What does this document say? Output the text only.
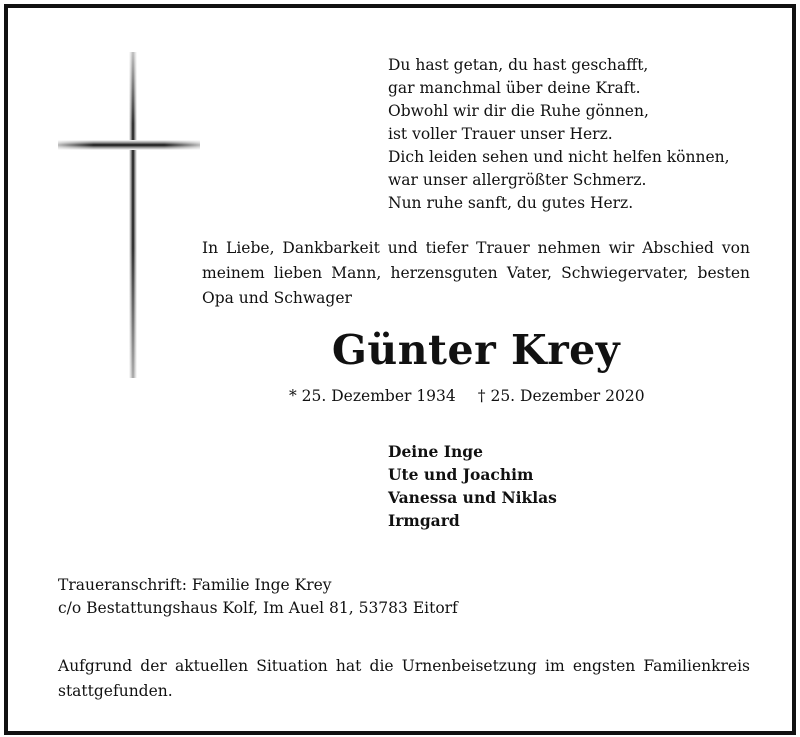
Du hast getan, du hast geschafft,
gar manchmal über deine Kraft.
Obwohl wir dir die Ruhe gönnen,
ist voller Trauer unser Herz.
Dich leiden sehen und nicht helfen können,
war unser allergrößter Schmerz.
Nun ruhe sanft, du gutes Herz.
In Liebe, Dankbarkeit und tiefer Trauer nehmen wir Abschied von meinem lieben Mann, herzensguten Vater, Schwiegervater, besten Opa und Schwager
Günter Krey
* 25. Dezember 1934 † 25. Dezember 2020
Deine Inge
Ute und Joachim
Vanessa und Niklas
Irmgard
Traueranschrift: Familie Inge Krey
c/o Bestattungshaus Kolf, Im Auel 81, 53783 Eitorf
Aufgrund der aktuellen Situation hat die Urnenbeisetzung im engsten Familienkreis stattgefunden.
